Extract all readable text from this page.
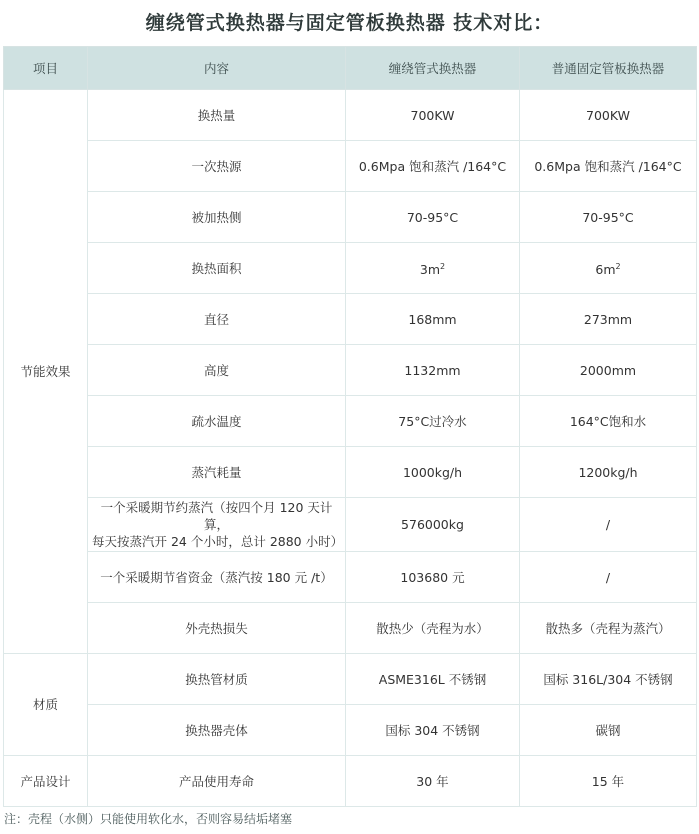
缠绕管式换热器与固定管板换热器 技术对比：
项目	内容	缠绕管式换热器	普通固定管板换热器
节能效果	换热量	700KW	700KW
	一次热源	0.6Mpa 饱和蒸汽 /164°C	0.6Mpa 饱和蒸汽 /164°C
	被加热侧	70-95°C	70-95°C
	换热面积	$3m^2$	$6m^2$
	直径	168mm	273mm
	高度	1132mm	2000mm
	疏水温度	75°C过冷水	164°C饱和水
	蒸汽耗量	1000kg/h	1200kg/h
	一个采暖期节约蒸汽（按四个月 120 天计算，
每天按蒸汽开 24 个小时，总计 2880 小时）	576000kg	/
	一个采暖期节省资金（蒸汽按 180 元 /t）	103680 元	/
	外壳热损失	散热少（壳程为水）	散热多（壳程为蒸汽）
材质	换热管材质	ASME316L 不锈钢	国标 316L/304 不锈钢
	换热器壳体	国标 304 不锈钢	碳钢
产品设计	产品使用寿命	30 年	15 年
注：壳程（水侧）只能使用软化水，否则容易结垢堵塞
